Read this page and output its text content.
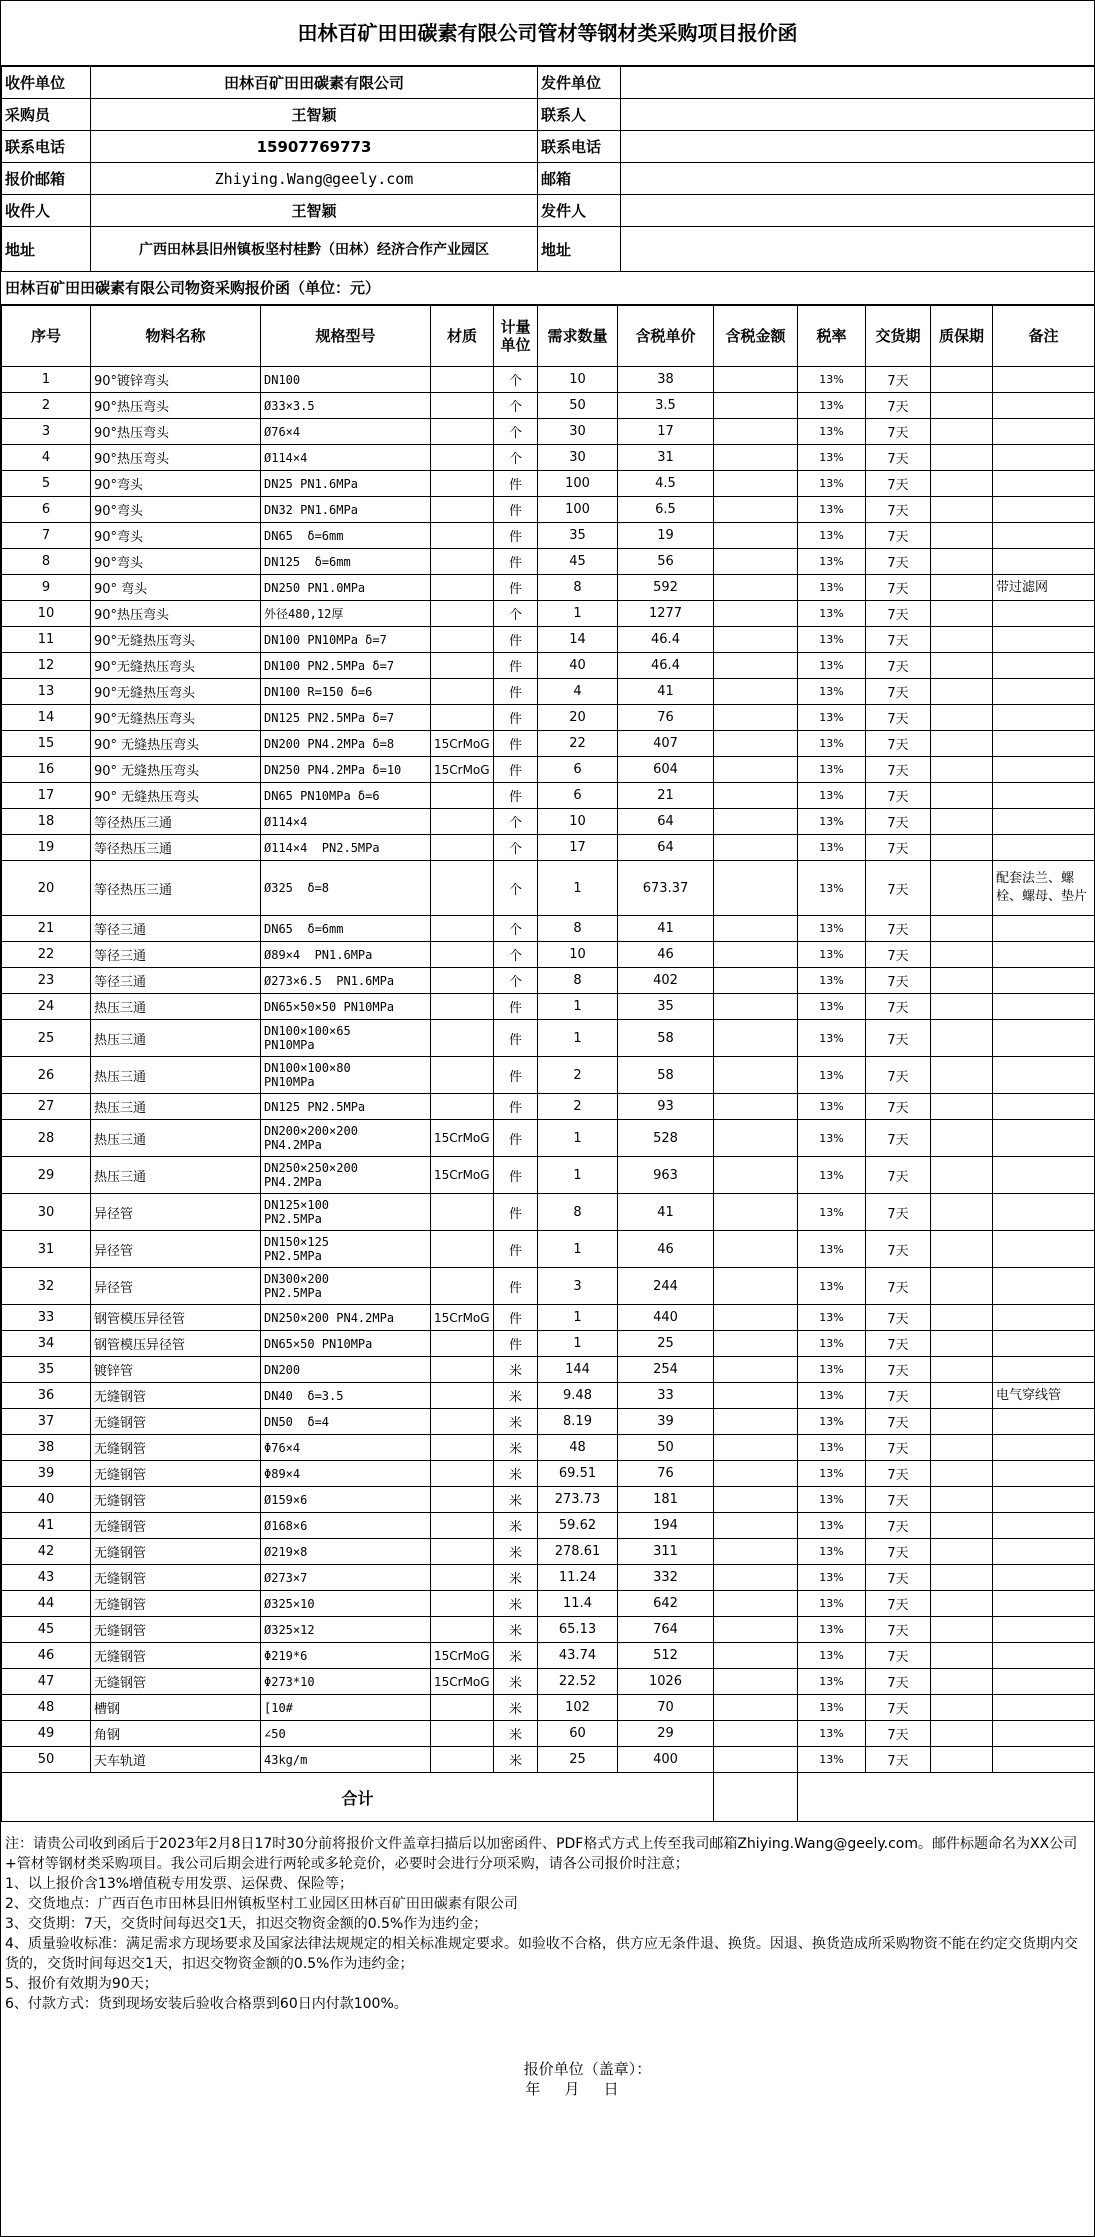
田林百矿田田碳素有限公司管材等钢材类采购项目报价函
收件单位	田林百矿田田碳素有限公司	发件单位	
采购员	王智颖	联系人	
联系电话	15907769773	联系电话	
报价邮箱	Zhiying.Wang@geely.com	邮箱	
收件人	王智颖	发件人	
地址	广西田林县旧州镇板坚村桂黔（田林）经济合作产业园区	地址	
田林百矿田田碳素有限公司物资采购报价函（单位：元）
序号	物料名称	规格型号	材质	计量单位	需求数量	含税单价	含税金额	税率	交货期	质保期	备注
1	90°镀锌弯头	DN100		个	10	38		13%	7天		
2	90°热压弯头	Ø33×3.5		个	50	3.5		13%	7天		
3	90°热压弯头	Ø76×4		个	30	17		13%	7天		
4	90°热压弯头	Ø114×4		个	30	31		13%	7天		
5	90°弯头	DN25 PN1.6MPa		件	100	4.5		13%	7天		
6	90°弯头	DN32 PN1.6MPa		件	100	6.5		13%	7天		
7	90°弯头	DN65  δ=6mm		件	35	19		13%	7天		
8	90°弯头	DN125  δ=6mm		件	45	56		13%	7天		
9	90° 弯头	DN250 PN1.0MPa		件	8	592		13%	7天		带过滤网
10	90°热压弯头	外径480,12厚		个	1	1277		13%	7天		
11	90°无缝热压弯头	DN100 PN10MPa δ=7		件	14	46.4		13%	7天		
12	90°无缝热压弯头	DN100 PN2.5MPa δ=7		件	40	46.4		13%	7天		
13	90°无缝热压弯头	DN100 R=150 δ=6		件	4	41		13%	7天		
14	90°无缝热压弯头	DN125 PN2.5MPa δ=7		件	20	76		13%	7天		
15	90° 无缝热压弯头	DN200 PN4.2MPa δ=8	15CrMoG	件	22	407		13%	7天		
16	90° 无缝热压弯头	DN250 PN4.2MPa δ=10	15CrMoG	件	6	604		13%	7天		
17	90° 无缝热压弯头	DN65 PN10MPa δ=6		件	6	21		13%	7天		
18	等径热压三通	Ø114×4		个	10	64		13%	7天		
19	等径热压三通	Ø114×4  PN2.5MPa		个	17	64		13%	7天		
20	等径热压三通	Ø325  δ=8		个	1	673.37		13%	7天		配套法兰、螺栓、螺母、垫片
21	等径三通	DN65  δ=6mm		个	8	41		13%	7天		
22	等径三通	Ø89×4  PN1.6MPa		个	10	46		13%	7天		
23	等径三通	Ø273×6.5  PN1.6MPa		个	8	402		13%	7天		
24	热压三通	DN65×50×50 PN10MPa		件	1	35		13%	7天		
25	热压三通	DN100×100×65
PN10MPa		件	1	58		13%	7天		
26	热压三通	DN100×100×80
PN10MPa		件	2	58		13%	7天		
27	热压三通	DN125 PN2.5MPa		件	2	93		13%	7天		
28	热压三通	DN200×200×200
PN4.2MPa	15CrMoG	件	1	528		13%	7天		
29	热压三通	DN250×250×200
PN4.2MPa	15CrMoG	件	1	963		13%	7天		
30	异径管	DN125×100
PN2.5MPa		件	8	41		13%	7天		
31	异径管	DN150×125
PN2.5MPa		件	1	46		13%	7天		
32	异径管	DN300×200
PN2.5MPa		件	3	244		13%	7天		
33	钢管模压异径管	DN250×200 PN4.2MPa	15CrMoG	件	1	440		13%	7天		
34	钢管模压异径管	DN65×50 PN10MPa		件	1	25		13%	7天		
35	镀锌管	DN200		米	144	254		13%	7天		
36	无缝钢管	DN40  δ=3.5		米	9.48	33		13%	7天		电气穿线管
37	无缝钢管	DN50  δ=4		米	8.19	39		13%	7天		
38	无缝钢管	Φ76×4		米	48	50		13%	7天		
39	无缝钢管	Φ89×4		米	69.51	76		13%	7天		
40	无缝钢管	Ø159×6		米	273.73	181		13%	7天		
41	无缝钢管	Ø168×6		米	59.62	194		13%	7天		
42	无缝钢管	Ø219×8		米	278.61	311		13%	7天		
43	无缝钢管	Ø273×7		米	11.24	332		13%	7天		
44	无缝钢管	Ø325×10		米	11.4	642		13%	7天		
45	无缝钢管	Ø325×12		米	65.13	764		13%	7天		
46	无缝钢管	Φ219*6	15CrMoG	米	43.74	512		13%	7天		
47	无缝钢管	Φ273*10	15CrMoG	米	22.52	1026		13%	7天		
48	槽钢	[10#		米	102	70		13%	7天		
49	角钢	∠50		米	60	29		13%	7天		
50	天车轨道	43kg/m		米	25	400		13%	7天		
合计											
注：请贵公司收到函后于2023年2月8日17时30分前将报价文件盖章扫描后以加密函件、PDF格式方式上传至我司邮箱Zhiying.Wang@geely.com。邮件标题命名为XX公司+管材等钢材类采购项目。我公司后期会进行两轮或多轮竞价，必要时会进行分项采购，请各公司报价时注意；
1、以上报价含13%增值税专用发票、运保费、保险等；
2、交货地点：广西百色市田林县旧州镇板坚村工业园区田林百矿田田碳素有限公司
3、交货期：7天，交货时间每迟交1天，扣迟交物资金额的0.5%作为违约金；
4、质量验收标准：满足需求方现场要求及国家法律法规规定的相关标准规定要求。如验收不合格，供方应无条件退、换货。因退、换货造成所采购物资不能在约定交货期内交货的，交货时间每迟交1天，扣迟交物资金额的0.5%作为违约金；
5、报价有效期为90天；
6、付款方式：货到现场安装后验收合格票到60日内付款100%。
报价单位（盖章）：
年    月    日
